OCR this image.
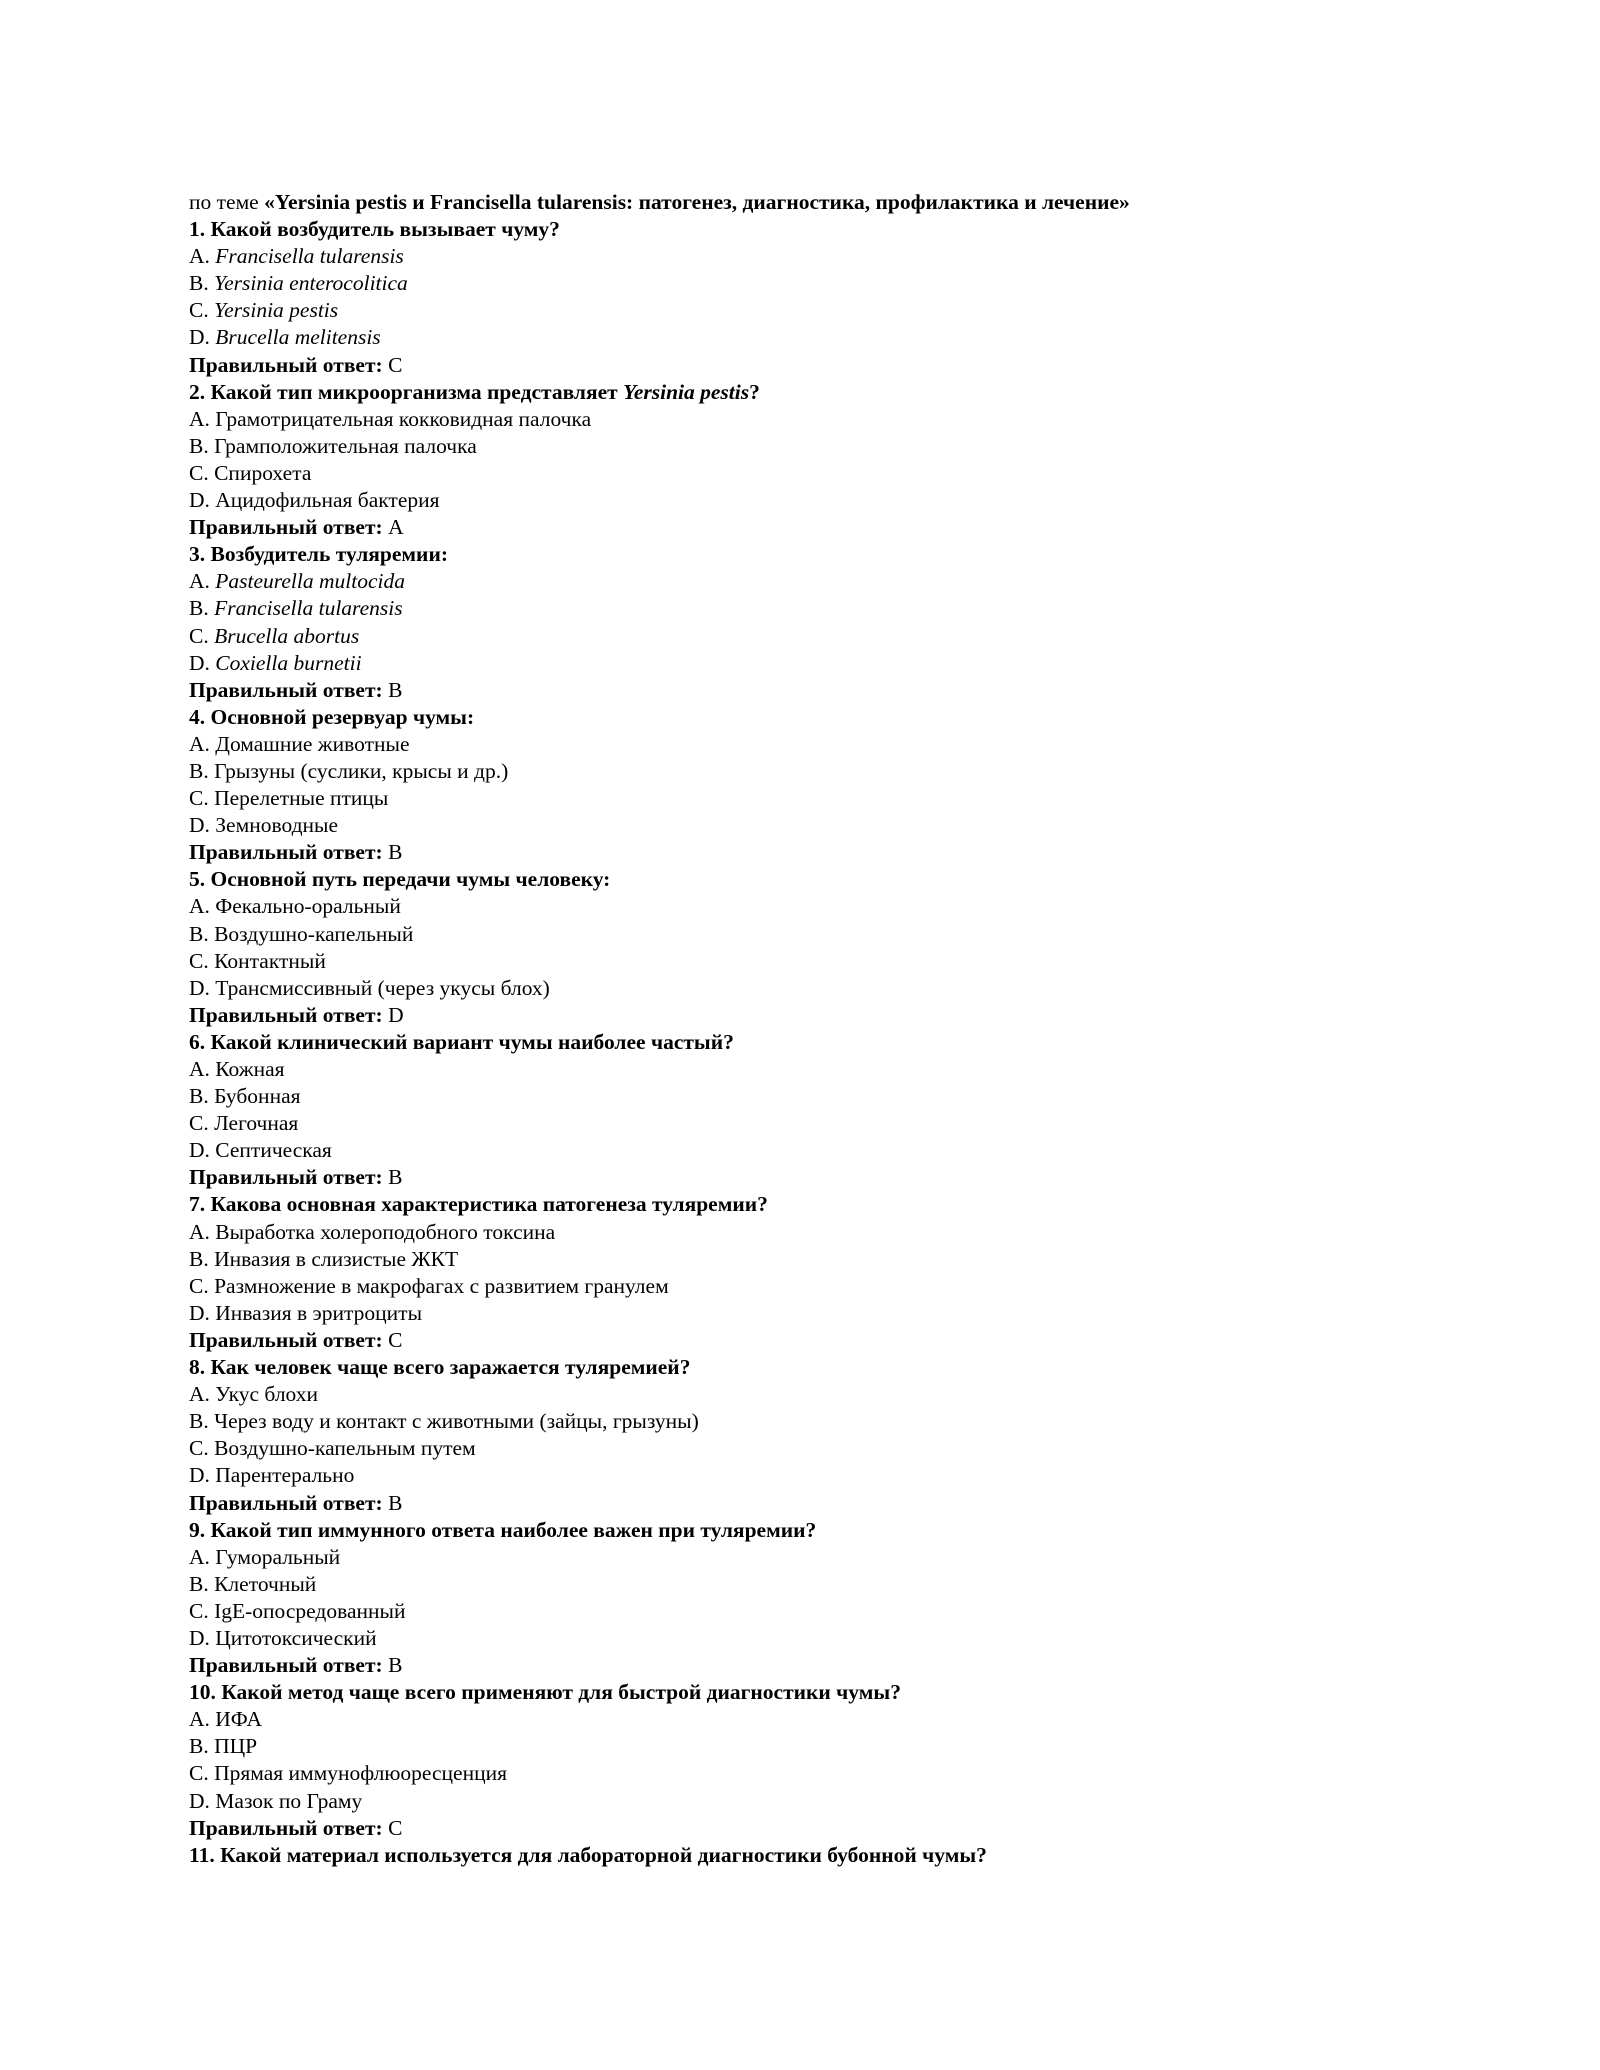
по теме «Yersinia pestis и Francisella tularensis: патогенез, диагностика, профилактика и лечение»
1. Какой возбудитель вызывает чуму?
A. Francisella tularensis
B. Yersinia enterocolitica
C. Yersinia pestis
D. Brucella melitensis
Правильный ответ: C
2. Какой тип микроорганизма представляет Yersinia pestis?
A. Грамотрицательная кокковидная палочка
B. Грамположительная палочка
C. Спирохета
D. Ацидофильная бактерия
Правильный ответ: A
3. Возбудитель туляремии:
A. Pasteurella multocida
B. Francisella tularensis
C. Brucella abortus
D. Coxiella burnetii
Правильный ответ: B
4. Основной резервуар чумы:
A. Домашние животные
B. Грызуны (суслики, крысы и др.)
C. Перелетные птицы
D. Земноводные
Правильный ответ: B
5. Основной путь передачи чумы человеку:
A. Фекально-оральный
B. Воздушно-капельный
C. Контактный
D. Трансмиссивный (через укусы блох)
Правильный ответ: D
6. Какой клинический вариант чумы наиболее частый?
A. Кожная
B. Бубонная
C. Легочная
D. Септическая
Правильный ответ: B
7. Какова основная характеристика патогенеза туляремии?
A. Выработка холероподобного токсина
B. Инвазия в слизистые ЖКТ
C. Размножение в макрофагах с развитием гранулем
D. Инвазия в эритроциты
Правильный ответ: C
8. Как человек чаще всего заражается туляремией?
A. Укус блохи
B. Через воду и контакт с животными (зайцы, грызуны)
C. Воздушно-капельным путем
D. Парентерально
Правильный ответ: B
9. Какой тип иммунного ответа наиболее важен при туляремии?
A. Гуморальный
B. Клеточный
C. IgE-опосредованный
D. Цитотоксический
Правильный ответ: B
10. Какой метод чаще всего применяют для быстрой диагностики чумы?
A. ИФА
B. ПЦР
C. Прямая иммунофлюоресценция
D. Мазок по Граму
Правильный ответ: C
11. Какой материал используется для лабораторной диагностики бубонной чумы?
